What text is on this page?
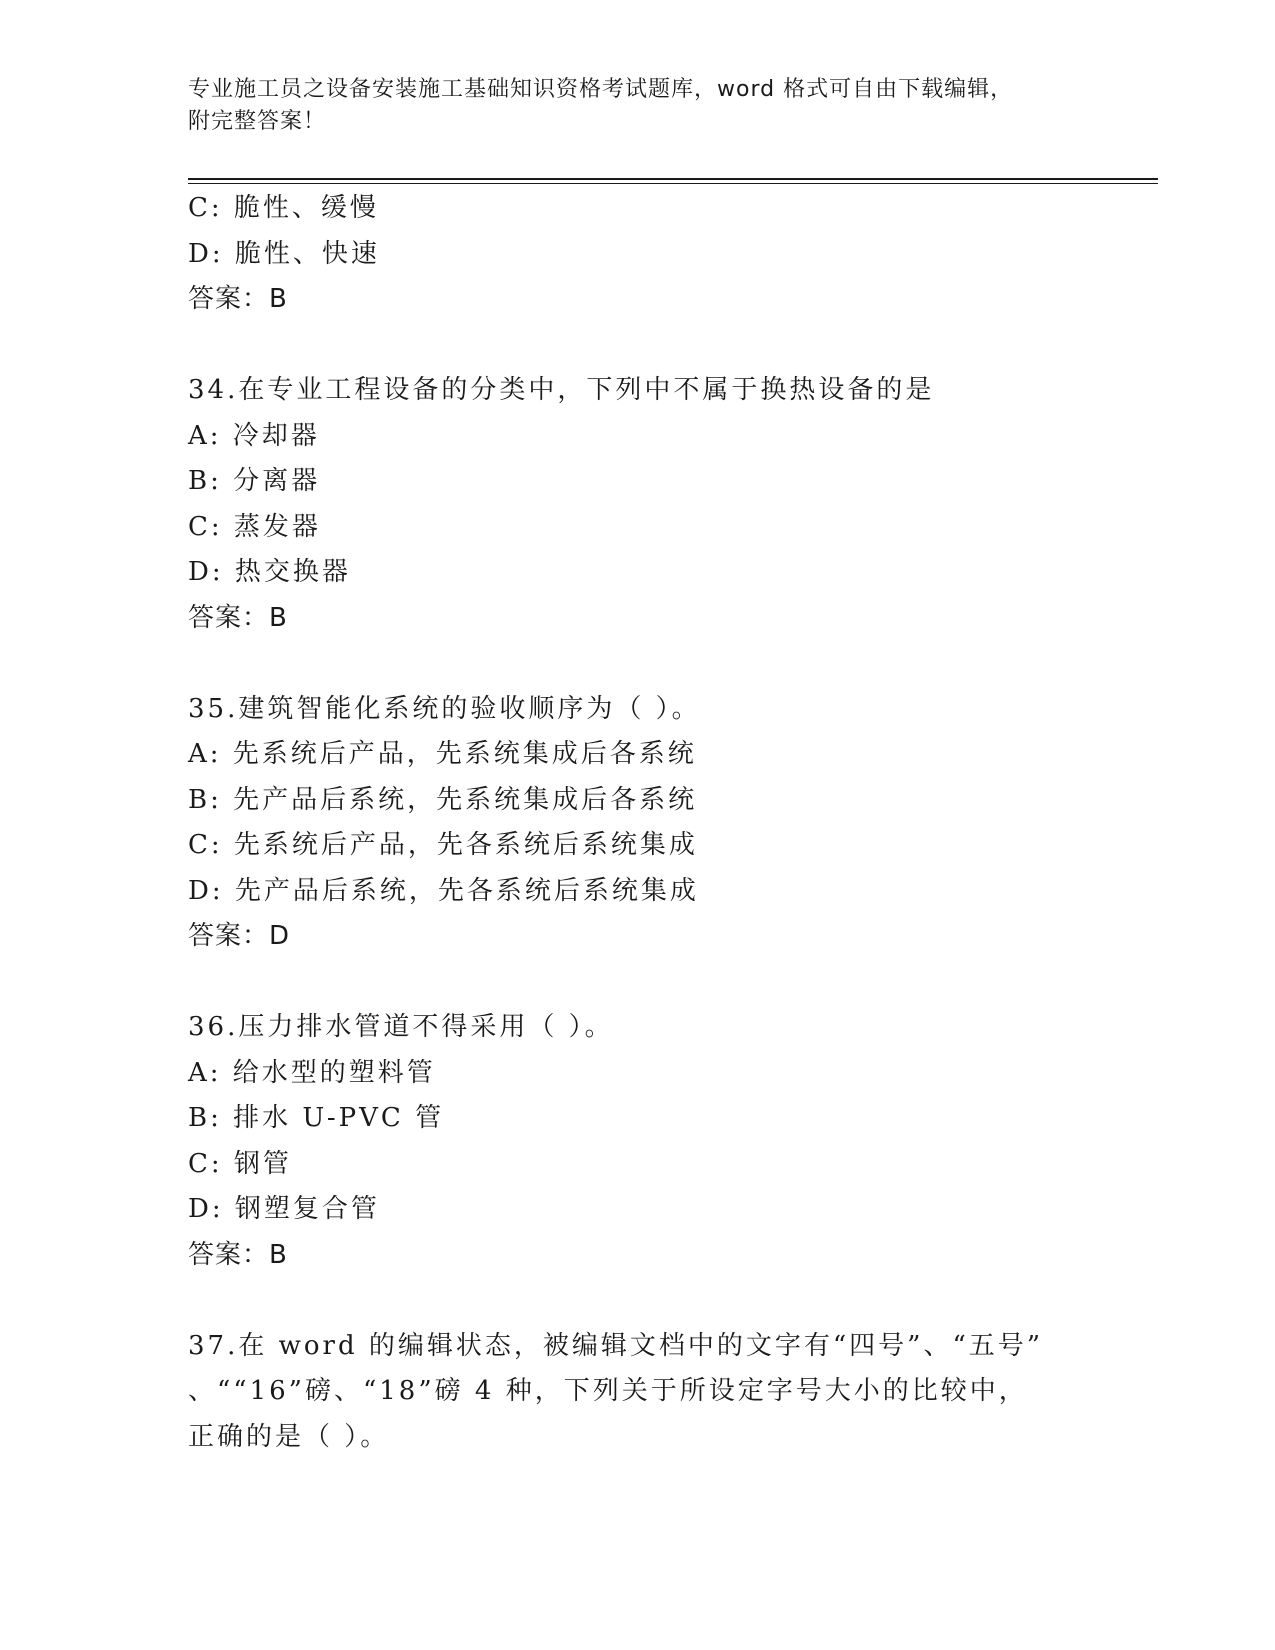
专业施工员之设备安装施工基础知识资格考试题库，word 格式可自由下载编辑，
附完整答案！
C: 脆性、缓慢
D: 脆性、快速
答案：B
34.在专业工程设备的分类中，下列中不属于换热设备的是
A: 冷却器
B: 分离器
C: 蒸发器
D: 热交换器
答案：B
35.建筑智能化系统的验收顺序为（ ）。
A: 先系统后产品，先系统集成后各系统
B: 先产品后系统，先系统集成后各系统
C: 先系统后产品，先各系统后系统集成
D: 先产品后系统，先各系统后系统集成
答案：D
36.压力排水管道不得采用（ ）。
A: 给水型的塑料管
B: 排水 U-PVC 管
C: 钢管
D: 钢塑复合管
答案：B
37.在 word 的编辑状态，被编辑文档中的文字有“四号”、“五号”
、““16”磅、“18”磅 4 种，下列关于所设定字号大小的比较中，
正确的是（ ）。
